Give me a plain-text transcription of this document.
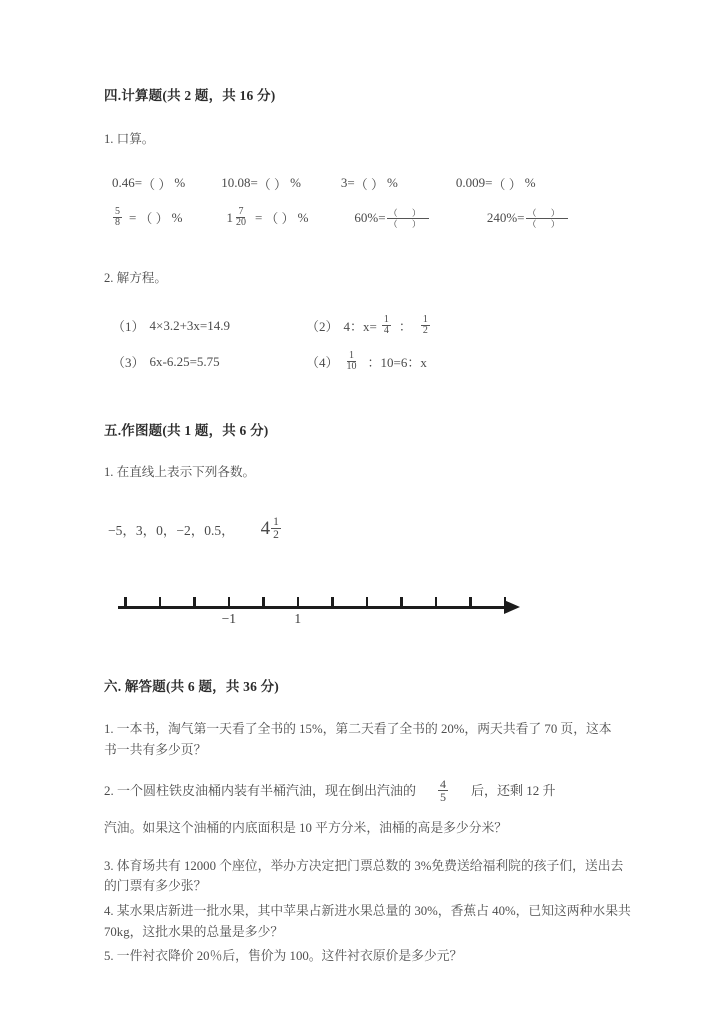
四.计算题(共 2 题，共 16 分)
1. 口算。
0.46= （ ） %	10.08= （ ） %	3= （ ） %	0.009= （ ） %
$\frac{5}{8}$ = （ ） %	$1 \frac{7}{20}$ = （ ） %	$60\%= \frac{( )}{( )}$	$240\%= \frac{( )}{( )}$
2. 解方程。
（1） 4×3.2+3x=14.9	（2） 4：$x= \frac{1}{4}$ ： $\frac{1}{2}$
（3） 6x-6.25=5.75	$(4) \frac{1}{10}$ ：10=6：x
五.作图题(共 1 题，共 6 分)
1. 在直线上表示下列各数。
−5，3，0，−2，0.5， $4 \frac{1}{2}$
−1	1
六. 解答题(共 6 题，共 36 分)
1. 一本书，淘气第一天看了全书的 15%，第二天看了全书的 20%，两天共看了 70 页，这本书一共有多少页？
2. 一个圆柱铁皮油桶内装有半桶汽油，现在倒出汽油的 $\frac{4}{5}$ 后，还剩 12 升
汽油。如果这个油桶的内底面积是 10 平方分米，油桶的高是多少分米？
3. 体育场共有 12000 个座位，举办方决定把门票总数的 3%免费送给福利院的孩子们，送出去的门票有多少张？
4. 某水果店新进一批水果，其中苹果占新进水果总量的 30%，香蕉占 40%，已知这两种水果共 70kg，这批水果的总量是多少？
5. 一件衬衣降价 20％后，售价为 100。这件衬衣原价是多少元？
